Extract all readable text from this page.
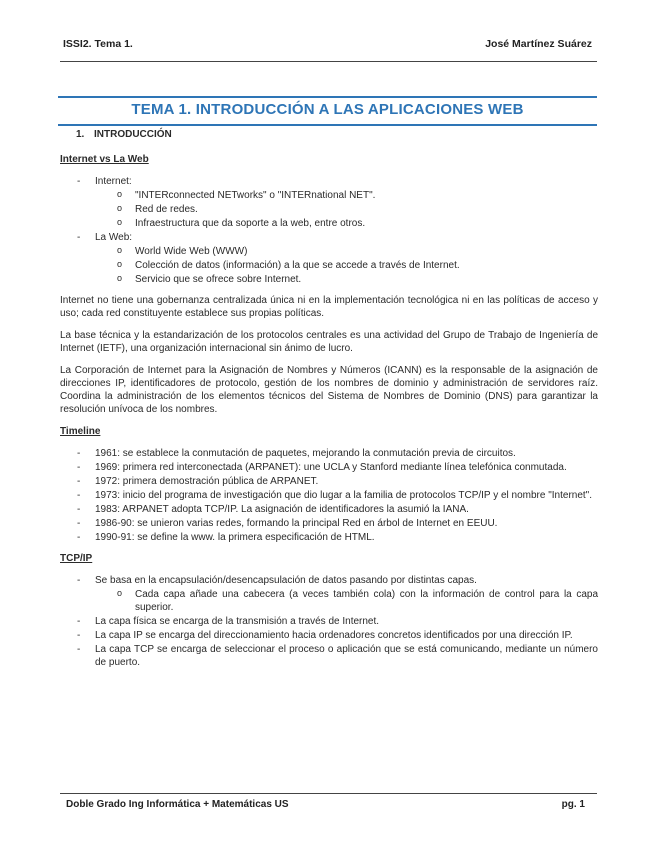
ISSI2. Tema 1.	José Martínez Suárez
TEMA 1. INTRODUCCIÓN A LAS APLICACIONES WEB
1. INTRODUCCIÓN
Internet vs La Web
- Internet:
o "INTERconnected NETworks" o "INTERnational NET".
o Red de redes.
o Infraestructura que da soporte a la web, entre otros.
- La Web:
o World Wide Web (WWW)
o Colección de datos (información) a la que se accede a través de Internet.
o Servicio que se ofrece sobre Internet.

Internet no tiene una gobernanza centralizada única ni en la implementación tecnológica ni en las políticas de acceso y uso; cada red constituyente establece sus propias políticas.

La base técnica y la estandarización de los protocolos centrales es una actividad del Grupo de Trabajo de Ingeniería de Internet (IETF), una organización internacional sin ánimo de lucro.

La Corporación de Internet para la Asignación de Nombres y Números (ICANN) es la responsable de la asignación de direcciones IP, identificadores de protocolo, gestión de los nombres de dominio y administración de servidores raíz. Coordina la administración de los elementos técnicos del Sistema de Nombres de Dominio (DNS) para garantizar la resolución unívoca de los nombres.

Timeline
- 1961: se establece la conmutación de paquetes, mejorando la conmutación previa de circuitos.
- 1969: primera red interconectada (ARPANET): une UCLA y Stanford mediante línea telefónica conmutada.
- 1972: primera demostración pública de ARPANET.
- 1973: inicio del programa de investigación que dio lugar a la familia de protocolos TCP/IP y el nombre "Internet".
- 1983: ARPANET adopta TCP/IP. La asignación de identificadores la asumió la IANA.
- 1986-90: se unieron varias redes, formando la principal Red en árbol de Internet en EEUU.
- 1990-91: se define la www. la primera especificación de HTML.
TCP/IP
- Se basa en la encapsulación/desencapsulación de datos pasando por distintas capas.
o Cada capa añade una cabecera (a veces también cola) con la información de control para la capa superior.
- La capa física se encarga de la transmisión a través de Internet.
- La capa IP se encarga del direccionamiento hacia ordenadores concretos identificados por una dirección IP.
- La capa TCP se encarga de seleccionar el proceso o aplicación que se está comunicando, mediante un número de puerto.
Doble Grado Ing Informática + Matemáticas US	pg. 1
